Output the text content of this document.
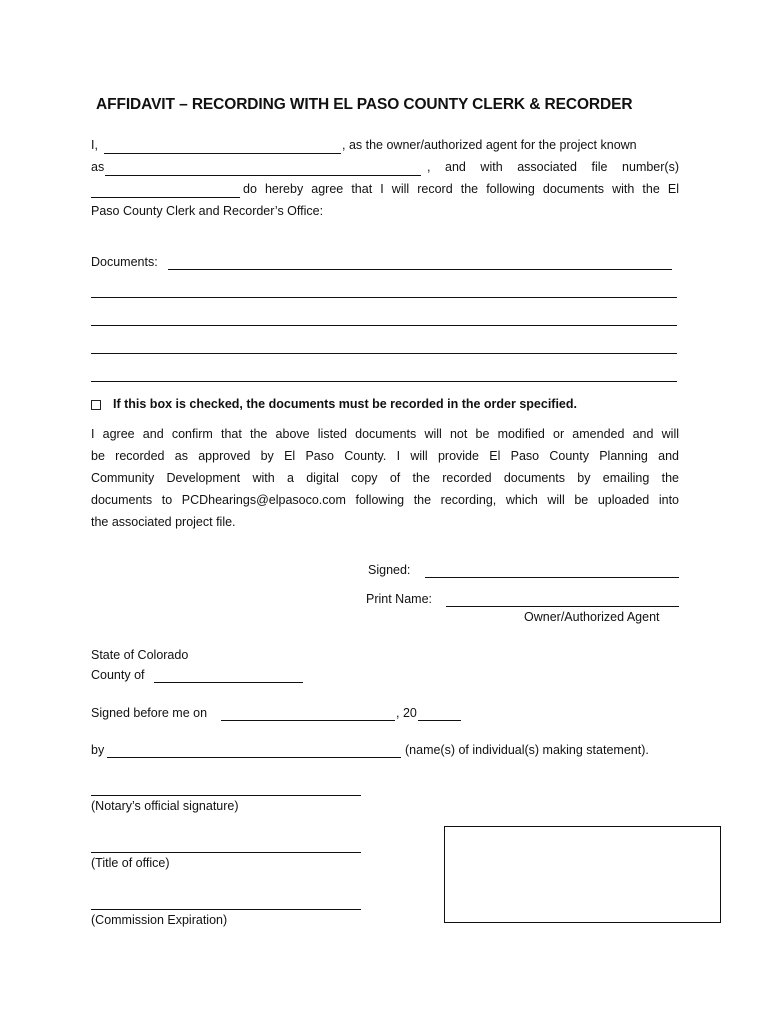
AFFIDAVIT – RECORDING WITH EL PASO COUNTY CLERK & RECORDER
I,	, as the owner/authorized agent for the project known
as	, and with associated file number(s)
do hereby agree that I will record the following documents with the El
Paso County Clerk and Recorder’s Office:
Documents:
If this box is checked, the documents must be recorded in the order specified.
I agree and confirm that the above listed documents will not be modified or amended and will
be recorded as approved by El Paso County. I will provide El Paso County Planning and
Community Development with a digital copy of the recorded documents by emailing the
documents to PCDhearings@elpasoco.com following the recording, which will be uploaded into
the associated project file.
Signed:
Print Name:
Owner/Authorized Agent
State of Colorado
County of
Signed before me on	, 20
by	(name(s) of individual(s) making statement).
(Notary’s official signature)
(Title of office)
(Commission Expiration)
